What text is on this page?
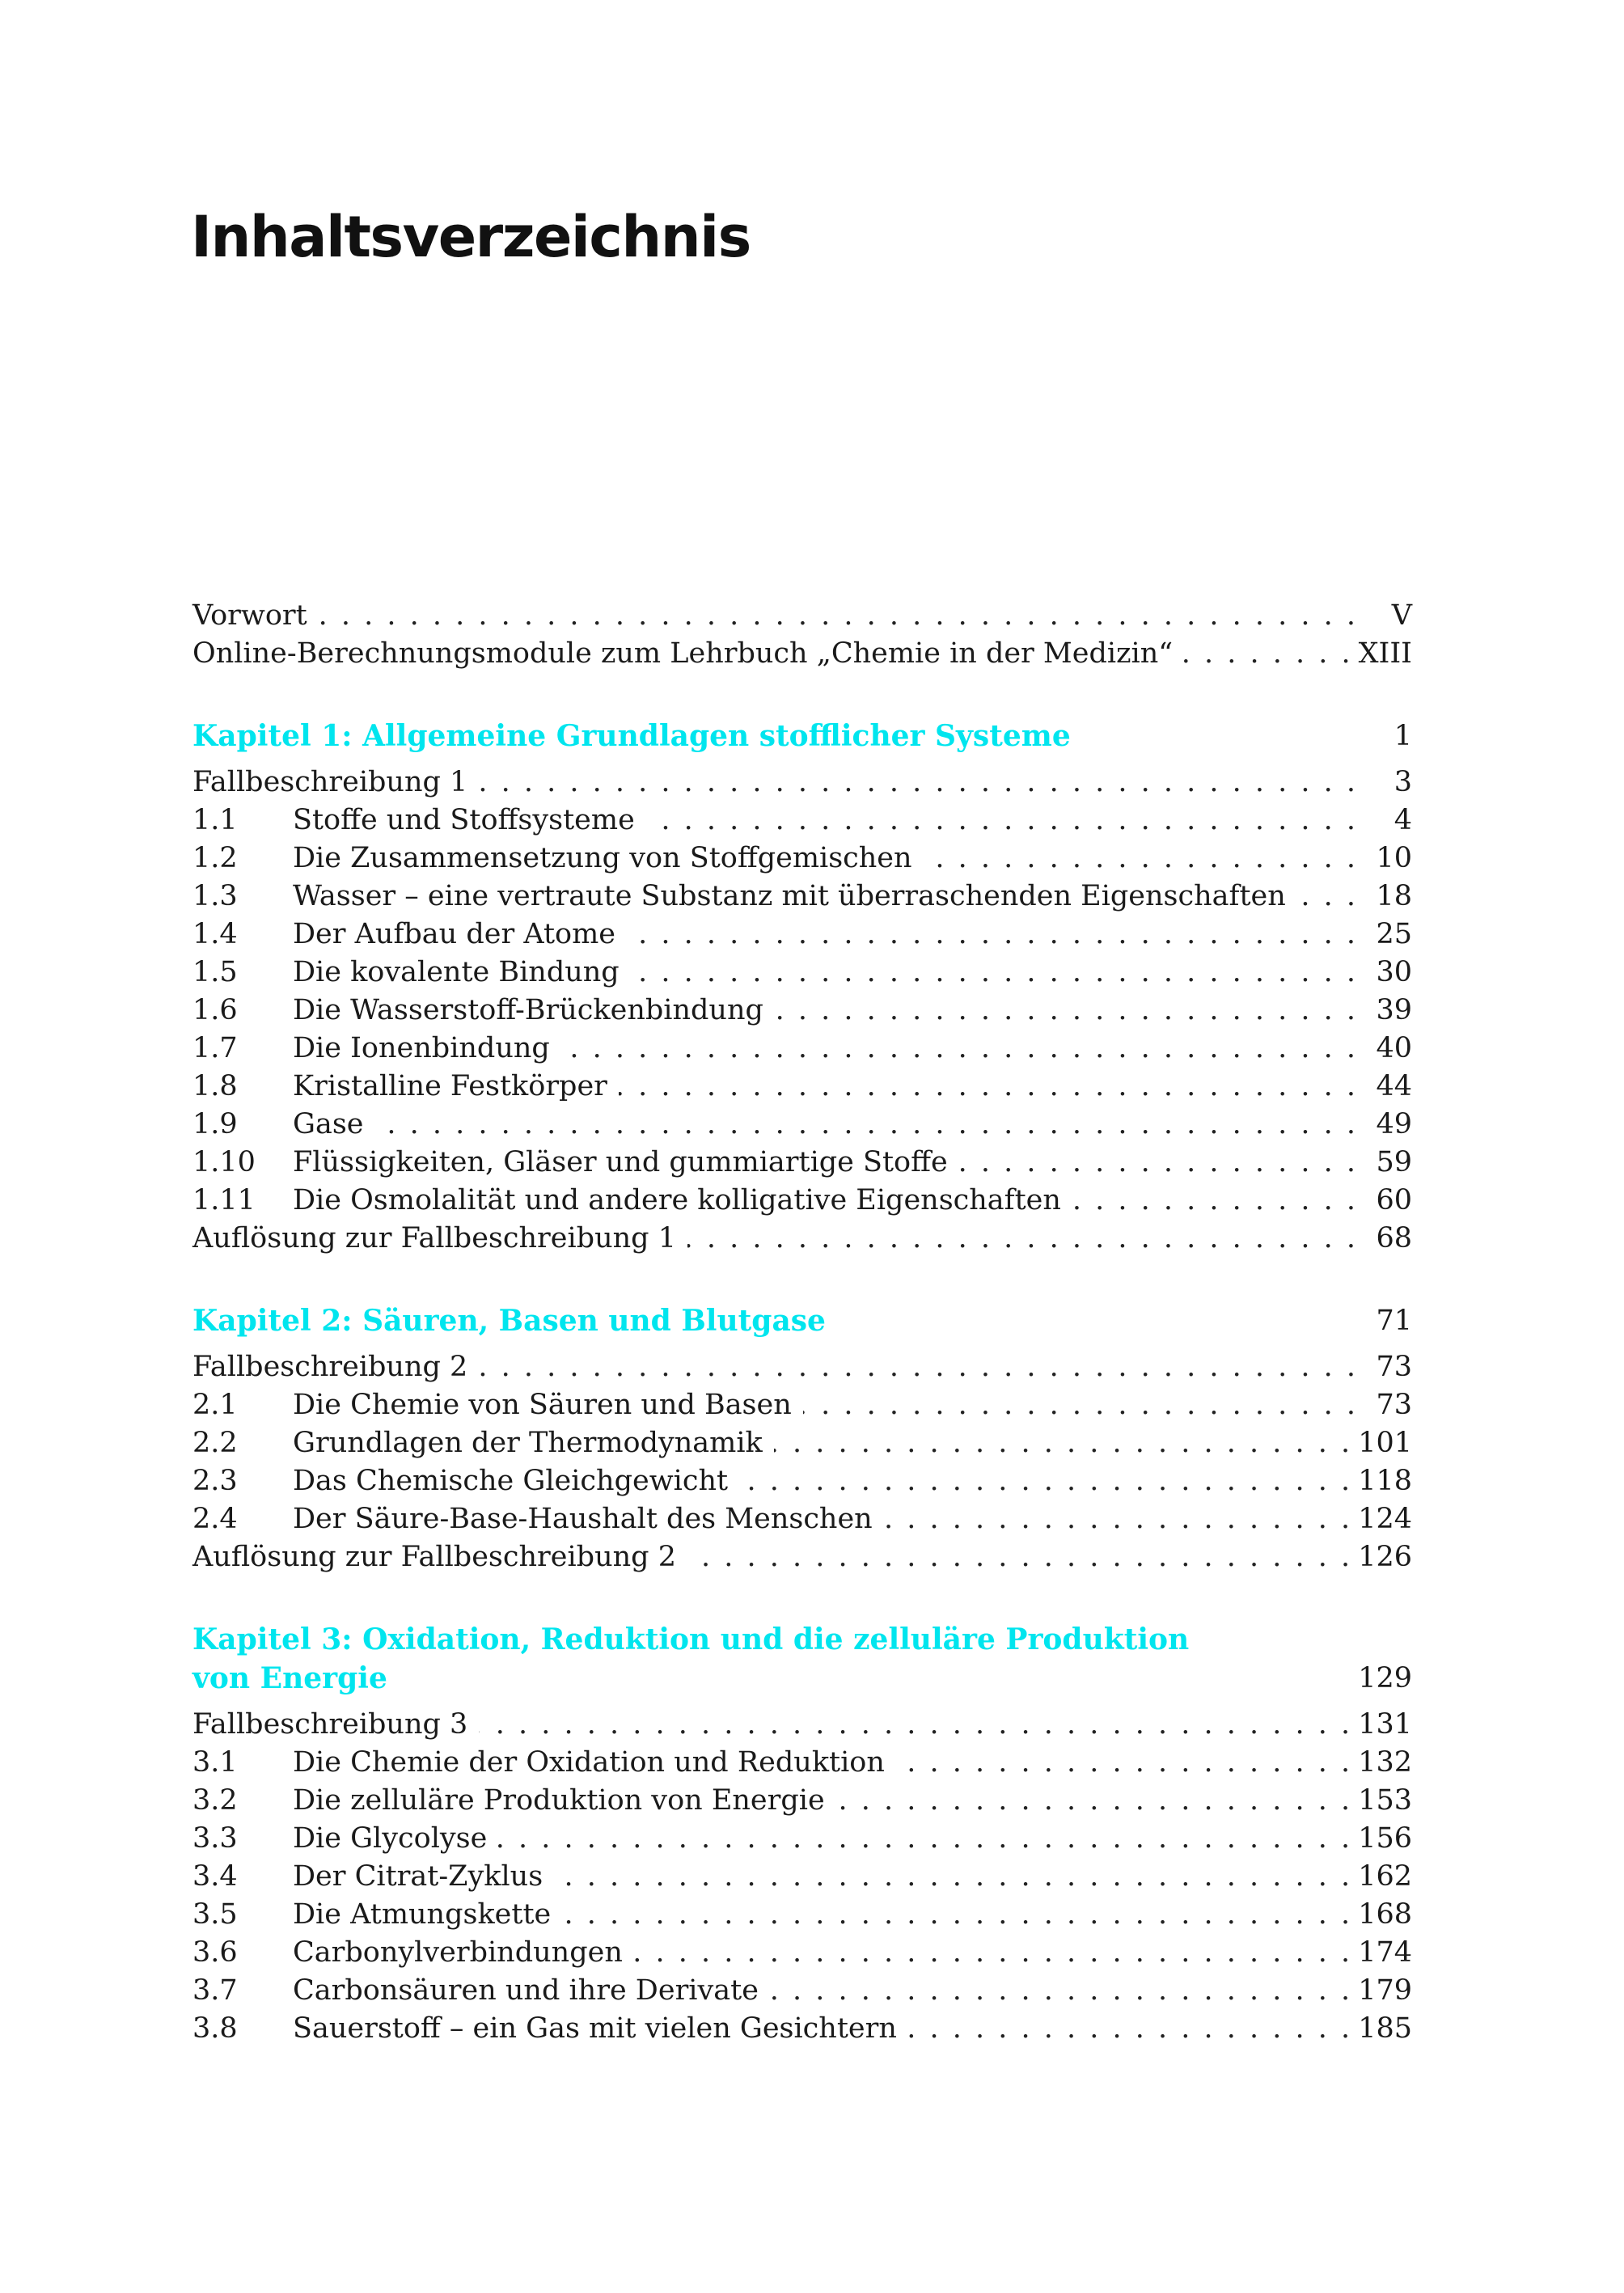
Inhaltsverzeichnis
Vorwort . . .	V
Online-Berechnungsmodule zum Lehrbuch „Chemie in der Medizin“ . . .	XIII
Kapitel 1: Allgemeine Grundlagen stofflicher Systeme	1
Fallbeschreibung 1 . . .	3
1.1	Stoffe und Stoffsysteme . . .	4
1.2	Die Zusammensetzung von Stoffgemischen . . .	10
1.3	Wasser – eine vertraute Substanz mit überraschenden Eigenschaften . . .	18
1.4	Der Aufbau der Atome . . .	25
1.5	Die kovalente Bindung . . .	30
1.6	Die Wasserstoff-Brückenbindung . . .	39
1.7	Die Ionenbindung . . .	40
1.8	Kristalline Festkörper . . .	44
1.9	Gase . . .	49
1.10	Flüssigkeiten, Gläser und gummiartige Stoffe . . .	59
1.11	Die Osmolalität und andere kolligative Eigenschaften . . .	60
Auflösung zur Fallbeschreibung 1 . . .	68
Kapitel 2: Säuren, Basen und Blutgase	71
Fallbeschreibung 2 . . .	73
2.1	Die Chemie von Säuren und Basen . . .	73
2.2	Grundlagen der Thermodynamik . . .	101
2.3	Das Chemische Gleichgewicht . . .	118
2.4	Der Säure-Base-Haushalt des Menschen . . .	124
Auflösung zur Fallbeschreibung 2 . . .	126
Kapitel 3: Oxidation, Reduktion und die zelluläre Produktion
von Energie	129
Fallbeschreibung 3 . . .	131
3.1	Die Chemie der Oxidation und Reduktion . . .	132
3.2	Die zelluläre Produktion von Energie . . .	153
3.3	Die Glycolyse . . .	156
3.4	Der Citrat-Zyklus . . .	162
3.5	Die Atmungskette . . .	168
3.6	Carbonylverbindungen . . .	174
3.7	Carbonsäuren und ihre Derivate . . .	179
3.8	Sauerstoff – ein Gas mit vielen Gesichtern . . .	185
